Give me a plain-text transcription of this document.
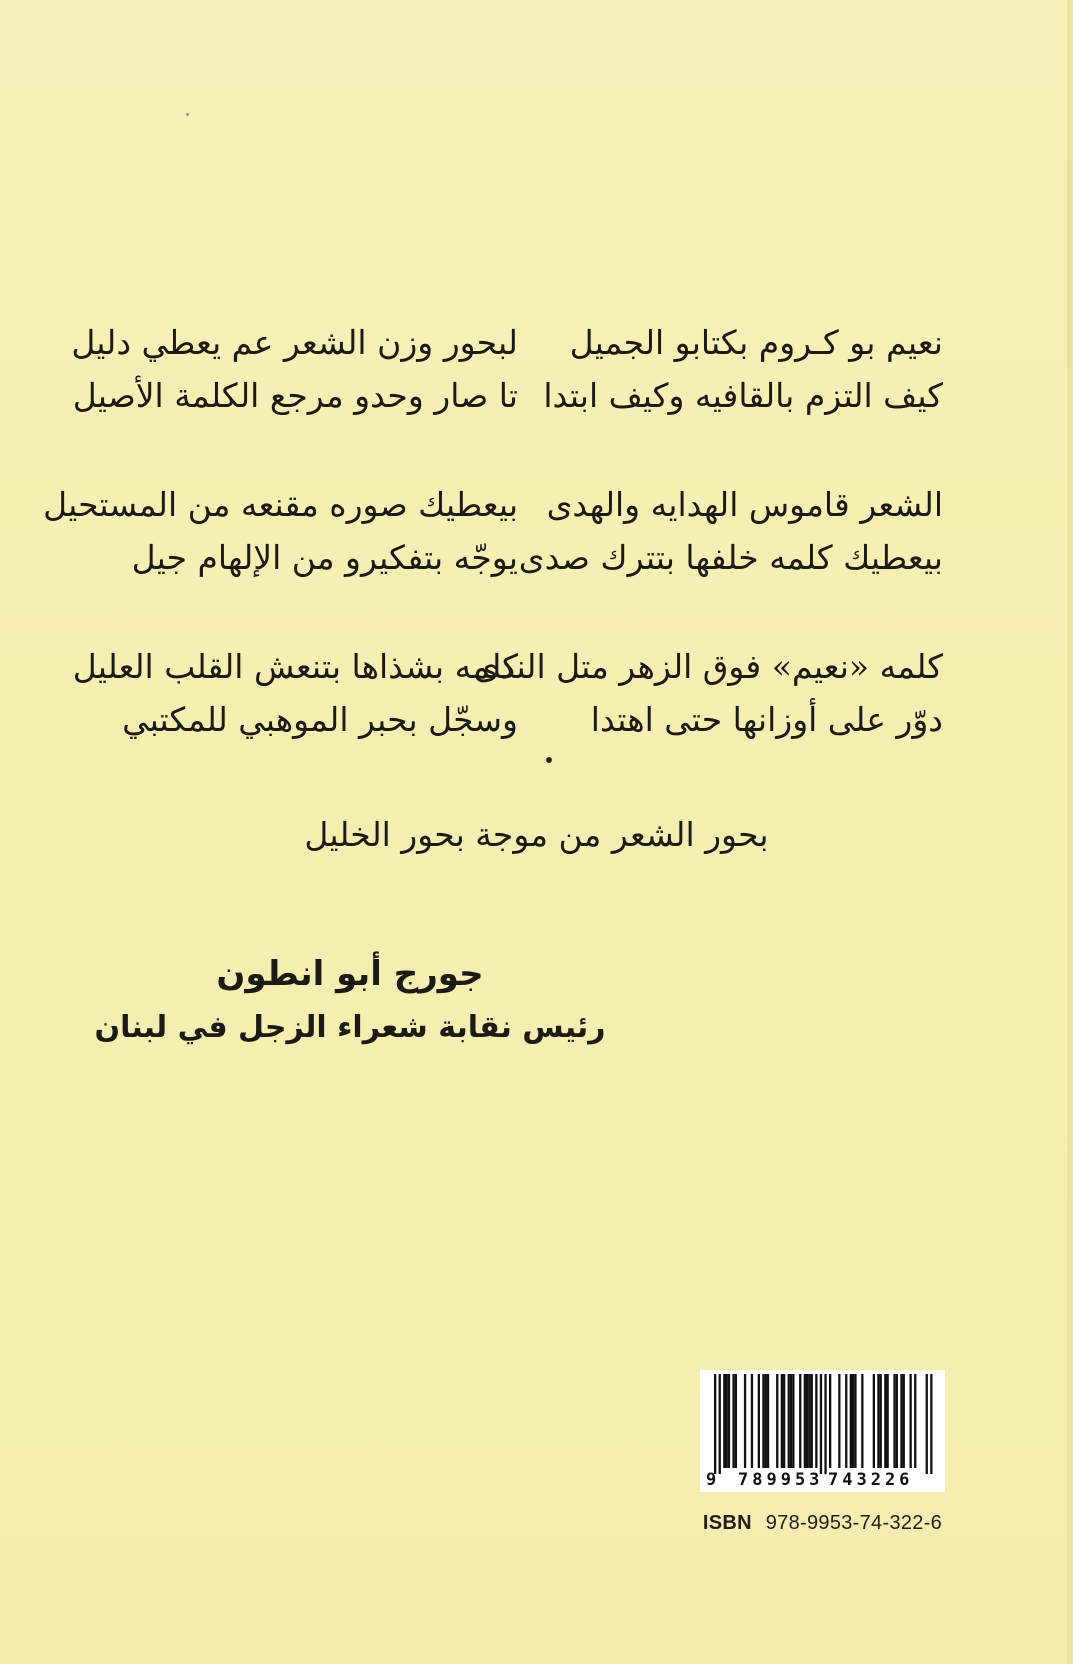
نعيم بو كـروم بكتابو الجميل
كيف التزم بالقافيه وكيف ابتدا
لبحور وزن الشعر عم يعطي دليل
تا صار وحدو مرجع الكلمة الأصيل
الشعر قاموس الهدايه والهدى
بيعطيك كلمه خلفها بتترك صدى
بيعطيك صوره مقنعه من المستحيل
يوجّه بتفكيرو من الإلهام جيل
كلمه «نعيم» فوق الزهر متل الندى
دوّر على أوزانها حتى اهتدا
كلمه بشذاها بتنعش القلب العليل
وسجّل بحبر الموهبي للمكتبي
بحور الشعر من موجة بحور الخليل
جورج أبو انطون
رئيس نقابة شعراء الزجل في لبنان
9 789953 743226
ISBN 978-9953-74-322-6
